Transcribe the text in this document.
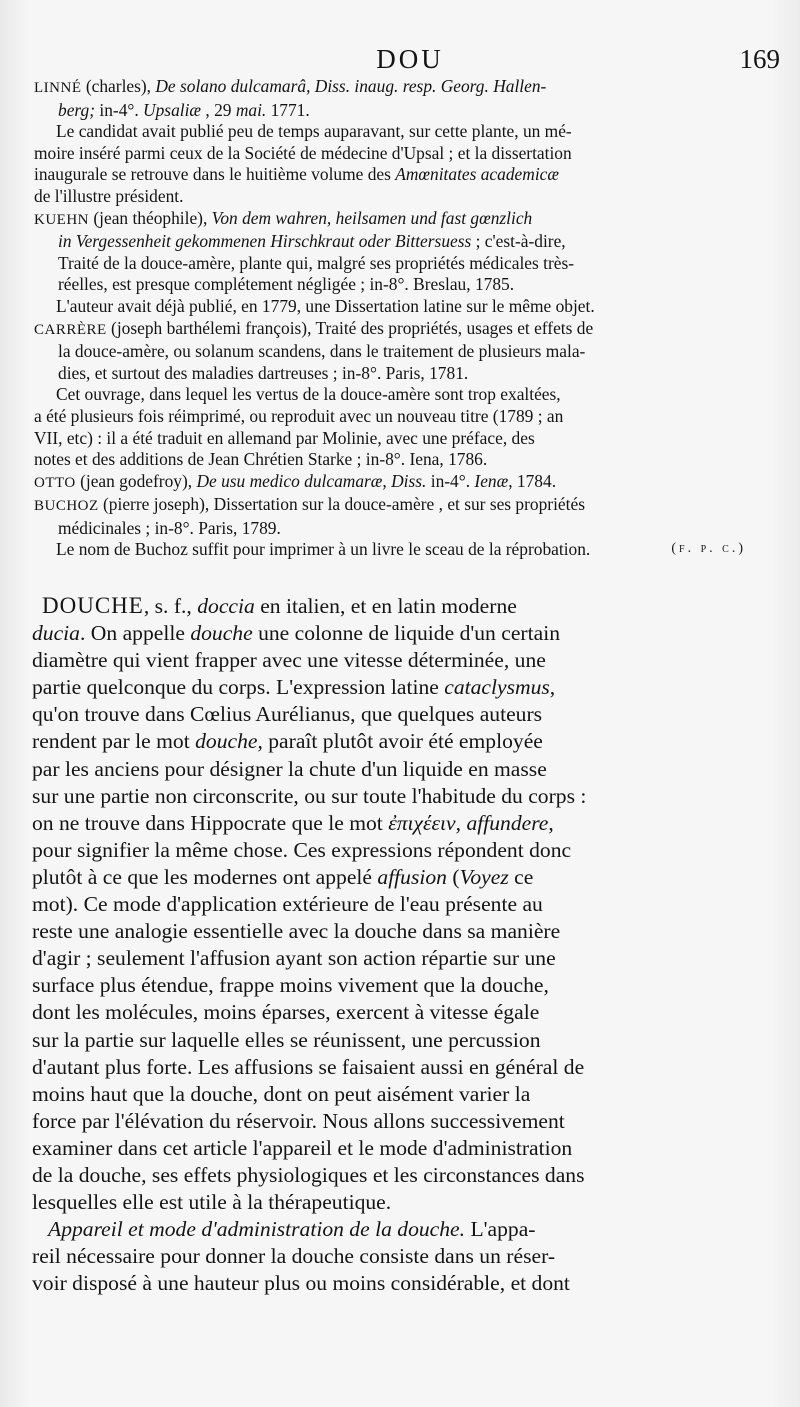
DOU	169
LINNÉ (charles), De solano dulcamarâ, Diss. inaug. resp. Georg. Hallen-
berg; in-4°. Upsaliæ , 29 mai. 1771.
Le candidat avait publié peu de temps auparavant, sur cette plante, un mé-
moire inséré parmi ceux de la Société de médecine d'Upsal ; et la dissertation
inaugurale se retrouve dans le huitième volume des Amœnitates academicæ
de l'illustre président.
KUEHN (jean théophile), Von dem wahren, heilsamen und fast gœnzlich
in Vergessenheit gekommenen Hirschkraut oder Bittersuess ; c'est-à-dire,
Traité de la douce-amère, plante qui, malgré ses propriétés médicales très-
réelles, est presque complétement négligée ; in-8°. Breslau, 1785.
L'auteur avait déjà publié, en 1779, une Dissertation latine sur le même objet.
CARRÈRE (joseph barthélemi françois), Traité des propriétés, usages et effets de
la douce-amère, ou solanum scandens, dans le traitement de plusieurs mala-
dies, et surtout des maladies dartreuses ; in-8°. Paris, 1781.
Cet ouvrage, dans lequel les vertus de la douce-amère sont trop exaltées,
a été plusieurs fois réimprimé, ou reproduit avec un nouveau titre (1789 ; an
VII, etc) : il a été traduit en allemand par Molinie, avec une préface, des
notes et des additions de Jean Chrétien Starke ; in-8°. Iena, 1786.
OTTO (jean godefroy), De usu medico dulcamaræ, Diss. in-4°. Ienæ, 1784.
BUCHOZ (pierre joseph), Dissertation sur la douce-amère , et sur ses propriétés
médicinales ; in-8°. Paris, 1789.
Le nom de Buchoz suffit pour imprimer à un livre le sceau de la réprobation.	(f. p. c.)
DOUCHE, s. f., doccia en italien, et en latin moderne
ducia. On appelle douche une colonne de liquide d'un certain
diamètre qui vient frapper avec une vitesse déterminée, une
partie quelconque du corps. L'expression latine cataclysmus,
qu'on trouve dans Cœlius Aurélianus, que quelques auteurs
rendent par le mot douche, paraît plutôt avoir été employée
par les anciens pour désigner la chute d'un liquide en masse
sur une partie non circonscrite, ou sur toute l'habitude du corps :
on ne trouve dans Hippocrate que le mot ἐπιχέειν, affundere,
pour signifier la même chose. Ces expressions répondent donc
plutôt à ce que les modernes ont appelé affusion (Voyez ce
mot). Ce mode d'application extérieure de l'eau présente au
reste une analogie essentielle avec la douche dans sa manière
d'agir ; seulement l'affusion ayant son action répartie sur une
surface plus étendue, frappe moins vivement que la douche,
dont les molécules, moins éparses, exercent à vitesse égale
sur la partie sur laquelle elles se réunissent, une percussion
d'autant plus forte. Les affusions se faisaient aussi en général de
moins haut que la douche, dont on peut aisément varier la
force par l'élévation du réservoir. Nous allons successivement
examiner dans cet article l'appareil et le mode d'administration
de la douche, ses effets physiologiques et les circonstances dans
lesquelles elle est utile à la thérapeutique.
Appareil et mode d'administration de la douche. L'appa-
reil nécessaire pour donner la douche consiste dans un réser-
voir disposé à une hauteur plus ou moins considérable, et dont
